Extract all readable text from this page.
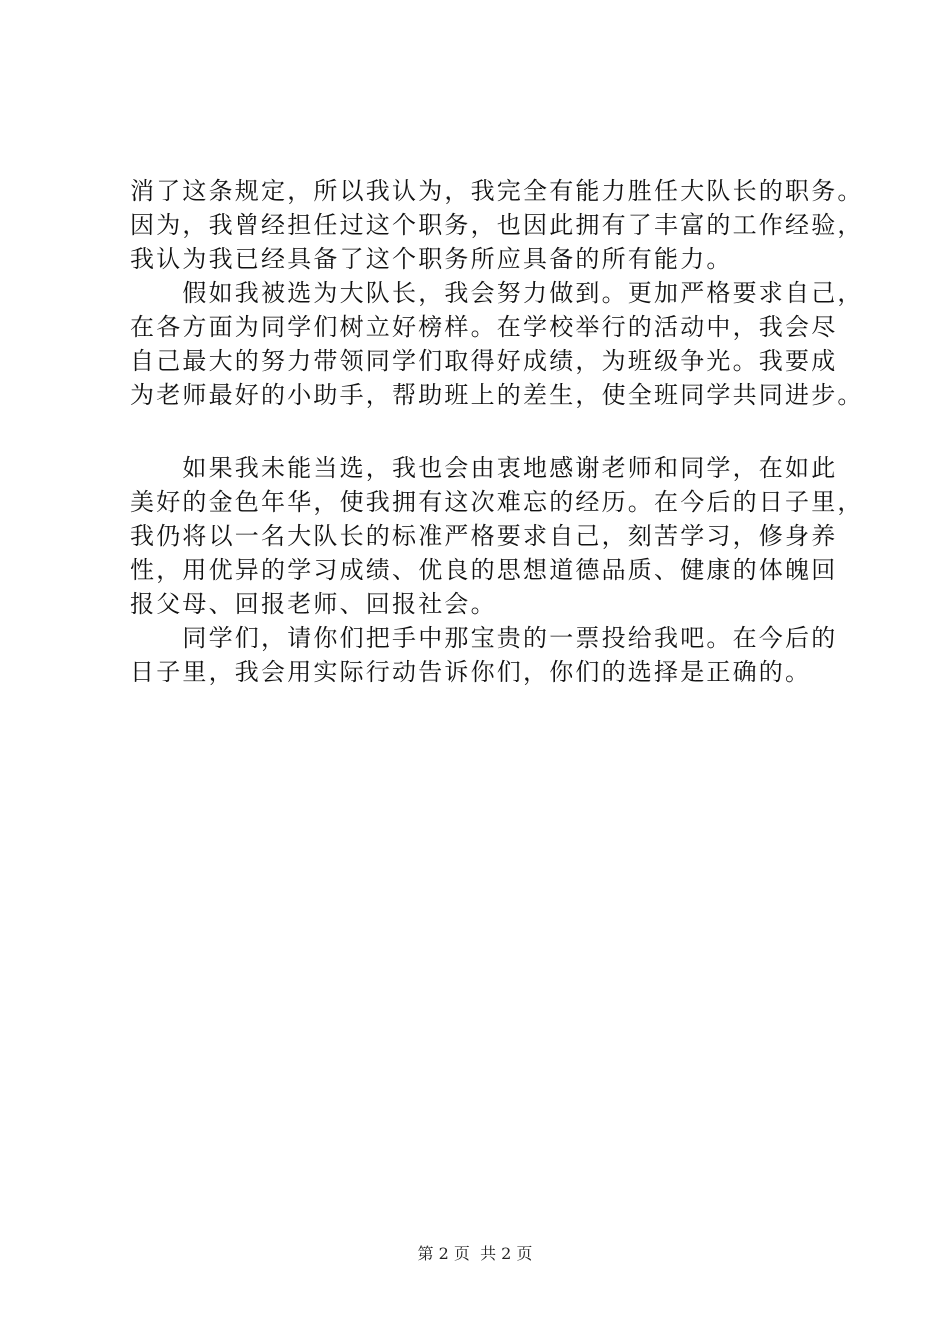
消了这条规定，所以我认为，我完全有能力胜任大队长的职务。
因为，我曾经担任过这个职务，也因此拥有了丰富的工作经验，
我认为我已经具备了这个职务所应具备的所有能力。
　　假如我被选为大队长，我会努力做到。更加严格要求自己，
在各方面为同学们树立好榜样。在学校举行的活动中，我会尽
自己最大的努力带领同学们取得好成绩，为班级争光。我要成
为老师最好的小助手，帮助班上的差生，使全班同学共同进步。
　　如果我未能当选，我也会由衷地感谢老师和同学，在如此
美好的金色年华，使我拥有这次难忘的经历。在今后的日子里，
我仍将以一名大队长的标准严格要求自己，刻苦学习，修身养
性，用优异的学习成绩、优良的思想道德品质、健康的体魄回
报父母、回报老师、回报社会。
　　同学们，请你们把手中那宝贵的一票投给我吧。在今后的
日子里，我会用实际行动告诉你们，你们的选择是正确的。
第 2 页  共 2 页
